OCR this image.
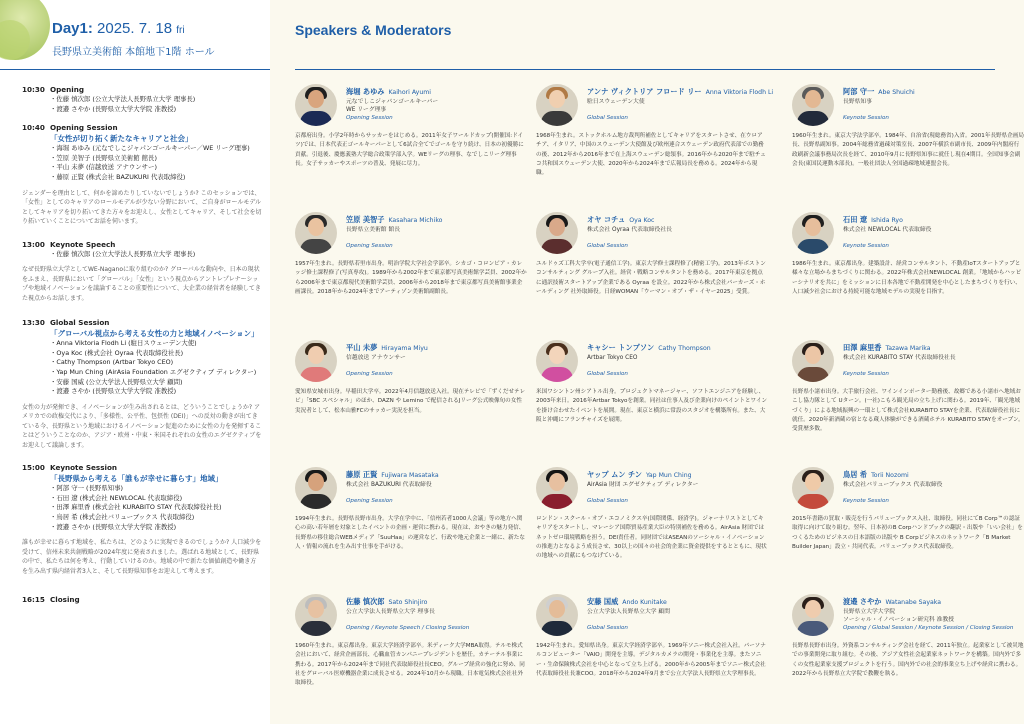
Day1: 2025. 7. 18 fri
長野県立美術館 本館地下1階 ホール
10:30 Opening
・佐藤 慎次郎 (公立大学法人長野県立大学 理事長)
・渡邉 さやか (長野県立大学大学院 准教授)
10:40 Opening Session
「女性が切り拓く新たなキャリアと社会」
・海堀 あゆみ (元なでしこジャパンゴールキーパー／WE リーグ理事)
・笠原 美智子 (長野県立美術館 館長)
・平山 未夢 (信越放送 アナウンサー)
・藤原 正賢 (株式会社 BAZUKURI 代表取締役)
ジェンダーを理由として、何かを諦めたりしていないでしょうか? このセッションでは、「女性」としてのキャリアのロールモデルが少ない分野において、ご自身がロールモデルとしてキャリアを切り拓いてきた方々をお迎えし、女性としてキャリア、そして社会を切り拓いていくことについてお話を伺います。
13:00 Keynote Speech
・佐藤 慎次郎 (公立大学法人長野県立大学 理事長)
なぜ長野県立大学としてWE-Naganoに取り組むのか? グローバルな動向や、日本の現状をふまえ、長野県において「グローバル」「女性」という視点からアントレプレナーシップや地域イノベーションを議論することの重要性について、大企業の経営者を経験してきた視点からお話します。
13:30 Global Session
「グローバル視点から考える女性の力と地域イノベーション」
・Anna Viktoria Flodh Li (駐日スウェーデン大使)
・Oya Koc (株式会社 Oyraa 代表取締役社長)
・Cathy Thompson (Artbar Tokyo CEO)
・Yap Mun Ching (AirAsia Foundation エグゼクティブ ディレクター)
・安藤 国威 (公立大学法人長野県立大学 顧問)
・渡邉 さやか (長野県立大学大学院 准教授)
女性の力が発揮でき、イノベーションが生み出されるとは、どういうことでしょうか? アメリカでの政権交代により、「多様性、公平性、包摂性 (DEI)」への反対の動きが出てきている今、長野県という地域におけるイノベーション促進のために女性の力を発揮することはどういうことなのか、アジア・欧州・中東・米国それぞれの女性のエグゼクティブをお迎えして議論します。
15:00 Keynote Session
「長野県から考える「誰もが幸せに暮らす」地域」
・阿部 守一 (長野県知事)
・石田 遼 (株式会社 NEWLOCAL 代表取締役)
・田澤 麻里香 (株式会社 KURABITO STAY 代表取締役社長)
・鳥居 希 (株式会社バリューブックス 代表取締役)
・渡邉 さやか (長野県立大学大学院 准教授)
誰もが幸せに暮らす地域を、私たちは、どのように実現できるのでしょうか? 人口減少を受けて、信州未来共創戦略が2024年度に発表されました。選ばれる地域として、長野県の中で、私たちは何を考え、行動していけるのか。地域の中で新たな価値創造や働き方を生み出す県内経営者3人と、そして長野県知事をお迎えして考えます。
16:15 Closing
Speakers & Moderators
海堀 あゆみ Kaihori Ayumi
元なでしこジャパンゴールキーパー
WE リーグ理事
Opening Session
京都府出身。小学2年時からサッカーをはじめる。2011年女子ワールドカップ(開催国:ドイツ)では、日本代表正ゴールキーパーとして6試合全てでゴールを守り続け、日本の初優勝に貢献。引退後、慶應義塾大学総合政策学部入学。WEリーグの理事、なでしこリーグ理事長。女子サッカーやスポーツの普及、発展に尽力。
アンナ ヴィクトリア フロード リー Anna Viktoria Flodh Li
駐日スウェーデン大使
Global Session
1968年生まれ。ストックホルム地方裁判所補佐としてキャリアをスタートさせ、在ウロアチア、イタリア、中国のスウェーデン大使館及び欧州連合スウェーデン政府代表部での勤務の後、2012年から2016年まで在上海スウェーデン総領事。2016年から2020年まで駐チェコ共和国スウェーデン大使、2020年から2024年まで広報局長を務める。2024年から現職。
阿部 守一 Abe Shuichi
長野県知事
Keynote Session
1960年生まれ。東京大学法学部卒。1984年、自治省(現総務省)入省。2001年長野県企画局長、長野県副知事。2004年総務省過疎対策室長、2007年横浜市副市長、2009年内閣府行政刷新会議事務局次長を経て、2010年9月に長野県知事に就任し現在4期目。全国知事会副会長(東国民運動本部長)。一般社団法人全国過疎地域連盟会長。
笠原 美智子 Kasahara Michiko
長野県立美術館 館長
Opening Session
1957年生まれ。長野県若里市出身。明治学院大学社会学部卒。シカゴ・コロンビア・カレッジ修士課程修了(写真専攻)。1989年から2002年まで東京都写真美術館学芸員、2002年から2006年まで東京都現代美術館学芸員、2006年から2018年まで東京都写真美術館事業企画課長。2018年から2024年までアーティゾン美術館副館長。
オヤ コチュ Oya Koc
株式会社 Oyraa 代表取締役社長
Global Session
ユルドゥズ工科大学卒(電子通信工学)。東京大学修士課程修了(精密工学)。2013年ボストン コンサルティング グループ入社。経営・戦略コンサルタントを務める。2017年東京を拠点に通訳技術スタートアップ企業である Oyraa を設立。2022年から株式会社パーカーズ・ホールディング 社外取締役。日経WOMAN「ウーマン・オブ・ザ・イヤー2025」受賞。
石田 遼 Ishida Ryo
株式会社 NEWLOCAL 代表取締役
Keynote Session
1986年生まれ。東京都出身。建築設計、経営コンサルタント、不動産IoTスタートアップと様々な立場からまちづくりに関わる。2022年株式会社NEWLOCAL 創業。「地域からハッピーシナリオを共に」をミッションに日本各地で不動産開発を中心としたまちづくりを行い、人口減少社会における持続可能な地域モデルの実現を目指す。
平山 未夢 Hirayama Miyu
信越放送 アナウンサー
Opening Session
愛知県安城市出身。早稲田大学卒。2022年4月信越放送入社。現在テレビで「ずくだせテレビ」「SBC スペシャル」のほか、DAZN や Lemino で配信されるJリーグ公式映像旬の女性実況者として、松本山雅FCのサッカー実況を担当。
キャシー トンプソン Cathy Thompson
Artbar Tokyo CEO
Global Session
米国ワシントン州シアトル出身。プロジェクトマネージャー、ソフトエンジニアを経験し、2003年来日。2016年Artbar Tokyoを創業。同社は仕事人及び企業向けのペイントとワインを掛け合わせたイベントを展開。現在、東京と横浜に常設のスタジオを構築所有。また、大阪と沖縄にフランチャイズを展開。
田澤 麻里香 Tazawa Marika
株式会社 KURABITO STAY 代表取締役社長
Keynote Session
長野県小諸市出身。大手旅行会社、ワインインポーター勤務後、故郷である小諸市へ地域おこし協力隊として Uターン。(一社)こもろ観光局の立ち上げに関わる。2019年、「観光地域づくり」による地域振興の一環として株式会社KURABITO STAYを企業、代表取締役社長に就任。2020年新酒蔵の宿となる蔵人体験ができる酒蔵ホテル KURABITO STAYをオープン。受賞歴多数。
藤原 正賢 Fujiwara Masataka
株式会社 BAZUKURI 代表取締役
Opening Session
1994年生まれ。長野県長野市出身。大学在学中に、「信州若者1000人会議」等の地方へ関心の高い若年層を対象としたイベントの企画・運営に携わる。現在は、おやきの魅力発信、長野県の移住総合WEBメディア「SuuHaa」の運営など、行政や地元企業と一緒に、新たな人・情報の流れを生み出す仕事を手がける。
ヤップ ムン チン Yap Mun Ching
AirAsia 財団 エグゼクティブ ディレクター
Global Session
ロンドン・スクール・オブ・エコノミクス卒(国際関係、経済学)。ジャーナリストとしてキャリアをスタートし、マレーシア国際貿易産業大臣の特別補佐を務める。AirAsia 財団ではネットゼロ環境戦略を担う。DEI責任者。同財団ではASEANのソーシャル・イノベーションの推進力となるよう成長させ、30以上の国々の社会的企業に資金提供をするとともに、現状の地域への貢献にもつなげている。
鳥居 希 Torii Nozomi
株式会社バリューブックス 代表取締役
Keynote Session
2015年書籍の買取・販売を行うバリューブックス入社、取締役。同社にてB Corp™の認証取得に向けて取り組む。翌年、日本初のB Corpハンドブックの翻訳・出版や「いい会社」をつくるためのビジネスの日本語版の出版や B Corpビジネスのネットワーク「B Market Builder Japan」設立・共同代表。バリューブックス代表取締役。
佐藤 慎次郎 Sato Shinjiro
公立大学法人長野県立大学 理事長
Opening / Keynote Speech / Closing Session
1960年生まれ。東京都出身。東京大学経済学部卒。米ディーク大学MBA取得。テルモ株式会社において、経営企画部長、心臓血管カンパニープレジデントを歴任。カテーテル事業に携わる。2017年から2024年まで同社代表取締役社長CEO。グループ経営の強化に努め、同社をグローバル医療機器企業に成長させる。2024年10月から現職。日本電気株式会社社外取締役。
安藤 国威 Ando Kunitake
公立大学法人長野県立大学 顧問
Global Session
1942年生まれ。愛知県出身。東京大学経済学部卒。1969年ソニー株式会社入社。パーソナルコンピューター「VAIO」開発を主導。デジタルカメラの開発・事業化を主導。またソニー・生命保険株式会社を中心となって立ち上げる。2000年から2005年までソニー株式会社代表取締役社長兼COO。2018年から2024年9月まで公立大学法人長野県立大学理事長。
渡邉 さやか Watanabe Sayaka
長野県立大学大学院
ソーシャル・イノベーション研究科 准教授
Opening / Global Session / Keynote Session / Closing Session
長野県長野市出身。外資系コンサルティング会社を経て、2011年独立。起業家として被災地での事業開発に取り組む。その後、アジア女性社会起業家ネットワークを構築。国内外で多くの女性起業家支援プロジェクトを行う。国内外での社会的事業立ち上げや経営に携わる。2022年から長野県立大学院で教鞭を執る。
